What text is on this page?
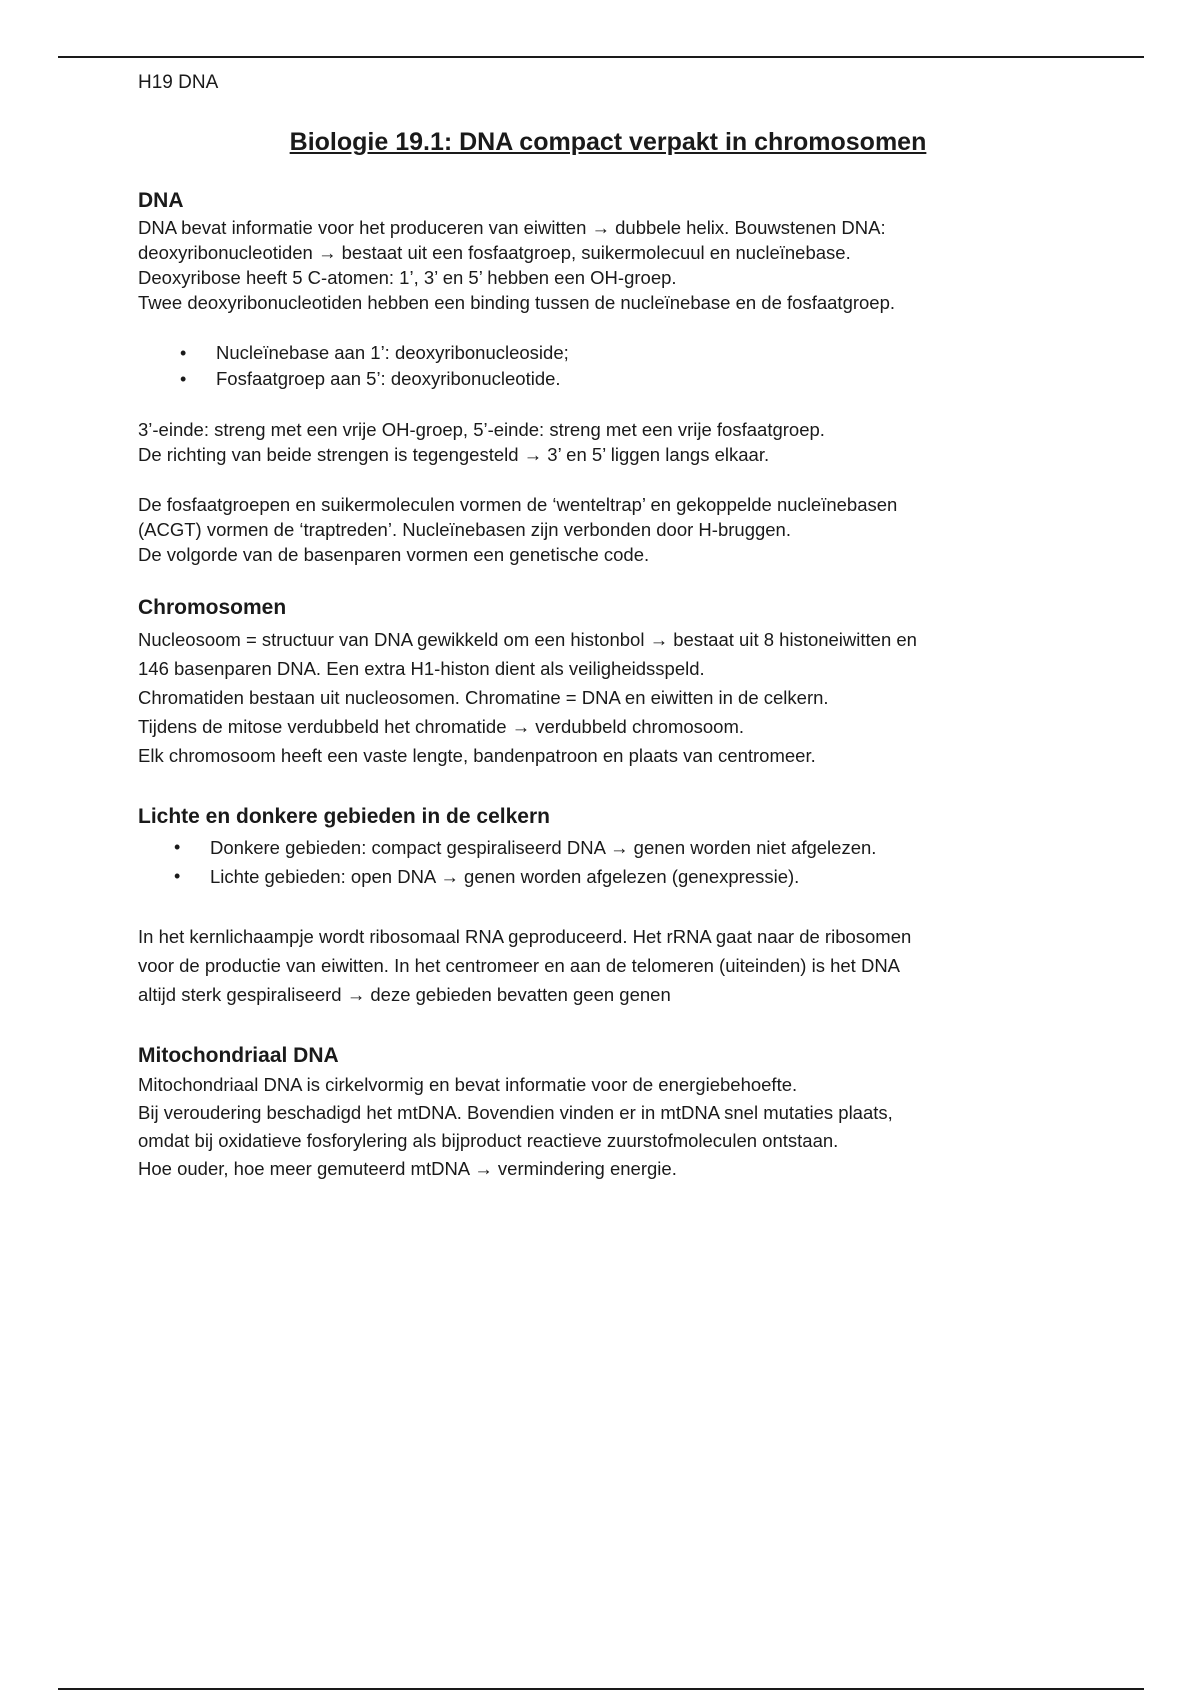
H19 DNA

Biologie 19.1: DNA compact verpakt in chromosomen
DNA

DNA bevat informatie voor het produceren van eiwitten → dubbele helix. Bouwstenen DNA:

deoxyribonucleotiden → bestaat uit een fosfaatgroep, suikermolecuul en nucleïnebase.

Deoxyribose heeft 5 C-atomen: 1’, 3’ en 5’ hebben een OH-groep.

Twee deoxyribonucleotiden hebben een binding tussen de nucleïnebase en de fosfaatgroep.

• Nucleïnebase aan 1’: deoxyribonucleoside;
• Fosfaatgroep aan 5’: deoxyribonucleotide.

3’-einde: streng met een vrije OH-groep, 5’-einde: streng met een vrije fosfaatgroep.

De richting van beide strengen is tegengesteld → 3’ en 5’ liggen langs elkaar.

De fosfaatgroepen en suikermoleculen vormen de ‘wenteltrap’ en gekoppelde nucleïnebasen

(ACGT) vormen de ‘traptreden’. Nucleïnebasen zijn verbonden door H-bruggen.

De volgorde van de basenparen vormen een genetische code.

Chromosomen

Nucleosoom = structuur van DNA gewikkeld om een histonbol → bestaat uit 8 histoneiwitten en

146 basenparen DNA. Een extra H1-histon dient als veiligheidsspeld.

Chromatiden bestaan uit nucleosomen. Chromatine = DNA en eiwitten in de celkern.

Tijdens de mitose verdubbeld het chromatide → verdubbeld chromosoom.

Elk chromosoom heeft een vaste lengte, bandenpatroon en plaats van centromeer.

Lichte en donkere gebieden in de celkern
• Donkere gebieden: compact gespiraliseerd DNA → genen worden niet afgelezen.
• Lichte gebieden: open DNA → genen worden afgelezen (genexpressie).

In het kernlichaampje wordt ribosomaal RNA geproduceerd. Het rRNA gaat naar de ribosomen

voor de productie van eiwitten. In het centromeer en aan de telomeren (uiteinden) is het DNA

altijd sterk gespiraliseerd → deze gebieden bevatten geen genen

Mitochondriaal DNA

Mitochondriaal DNA is cirkelvormig en bevat informatie voor de energiebehoefte.

Bij veroudering beschadigd het mtDNA. Bovendien vinden er in mtDNA snel mutaties plaats,

omdat bij oxidatieve fosforylering als bijproduct reactieve zuurstofmoleculen ontstaan.

Hoe ouder, hoe meer gemuteerd mtDNA → vermindering energie.
